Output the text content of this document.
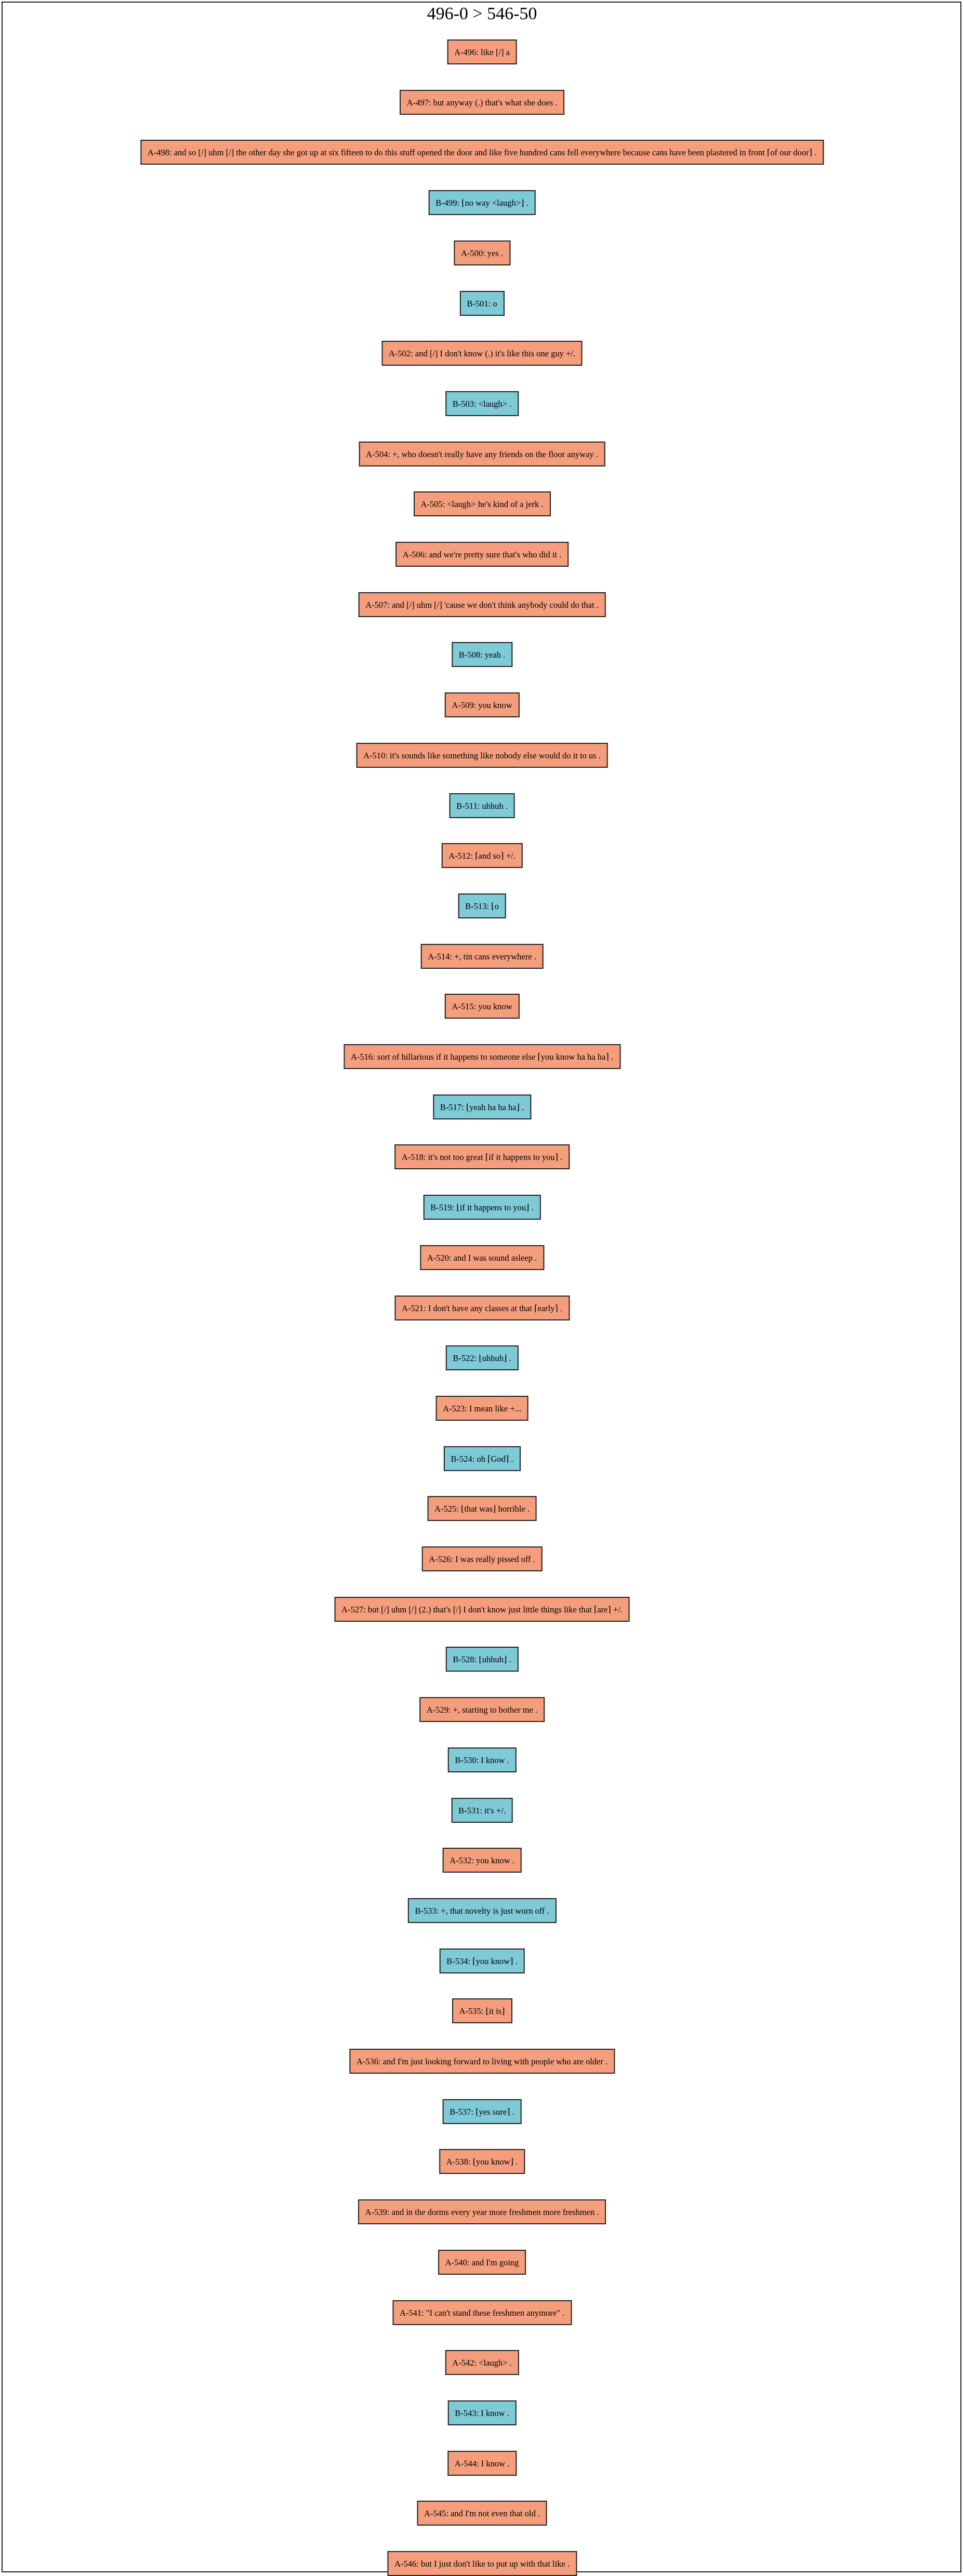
496-0 > 546-50
A-496: like [/] a
A-497: but anyway (.) that's what she does .
A-498: and so [/] uhm [/] the other day she got up at six fifteen to do this stuff opened the door and like five hundred cans fell everywhere because cans have been plastered in front ⌈of our door⌉ .
B-499: ⌊no way <laugh>⌋ .
A-500: yes .
B-501: o
A-502: and [/] I don't know (.) it's like this one guy +/.
B-503: <laugh> .
A-504: +, who doesn't really have any friends on the floor anyway .
A-505: <laugh> he's kind of a jerk .
A-506: and we're pretty sure that's who did it .
A-507: and [/] uhm [/] 'cause we don't think anybody could do that .
B-508: yeah .
A-509: you know
A-510: it's sounds like something like nobody else would do it to us .
B-511: uhhuh .
A-512: ⌈and so⌉ +/.
B-513: ⌊o
A-514: +, tin cans everywhere .
A-515: you know
A-516: sort of hillarious if it happens to someone else ⌈you know ha ha ha⌉ .
B-517: ⌊yeah ha ha ha⌋ .
A-518: it's not too great ⌈if it happens to you⌉ .
B-519: ⌊if it happens to you⌋ .
A-520: and I was sound asleep .
A-521: I don't have any classes at that ⌈early⌉ .
B-522: ⌊uhhuh⌋ .
A-523: I mean like +...
B-524: oh ⌈God⌉ .
A-525: ⌊that was⌋ horrible .
A-526: I was really pissed off .
A-527: but [/] uhm [/] (2.) that's [/] I don't know just little things like that ⌈are⌉ +/.
B-528: ⌊uhhuh⌋ .
A-529: +, starting to bother me .
B-530: I know .
B-531: it's +/.
A-532: you know .
B-533: +, that novelty is just worn off .
B-534: ⌈you know⌉ .
A-535: ⌊it is⌋
A-536: and I'm just looking forward to living with people who are older .
B-537: ⌈yes sure⌉ .
A-538: ⌊you know⌋ .
A-539: and in the dorms every year more freshmen more freshmen .
A-540: and I'm going
A-541: "I can't stand these freshmen anymore" .
A-542: <laugh> .
B-543: I know .
A-544: I know .
A-545: and I'm not even that old .
A-546: but I just don't like to put up with that like .
